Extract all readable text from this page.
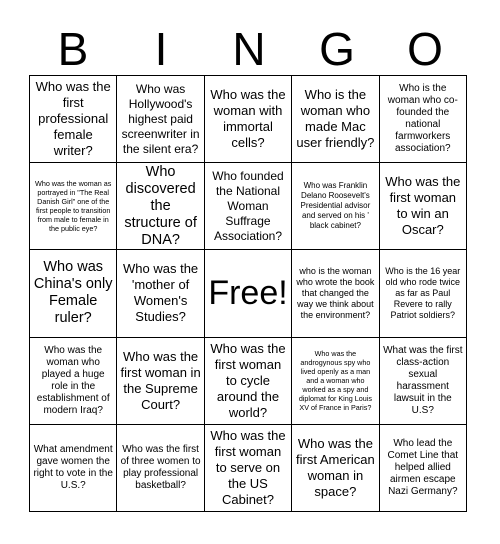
B	I	N	G	O
Who was the first professional female writer?
Who was Hollywood's highest paid screenwriter in the silent era?
Who was the woman with immortal cells?
Who is the woman who made Mac user friendly?
Who is the woman who co-founded the national farmworkers association?
Who was the woman as portrayed in "The Real Danish Girl" one of the first people to transition from male to female in the public eye?
Who discovered the structure of DNA?
Who founded the National Woman Suffrage Association?
Who was Franklin Delano Roosevelt's Presidential advisor and served on his ' black cabinet?
Who was the first woman to win an Oscar?
Who was China's only Female ruler?
Who was the 'mother of Women's Studies?
Free!
who is the woman who wrote the book that changed the way we think about the environment?
Who is the 16 year old who rode twice as far as Paul Revere to rally Patriot soldiers?
Who was the woman who played a huge role in the establishment of modern Iraq?
Who was the first woman in the Supreme Court?
Who was the first woman to cycle around the world?
Who was the androgynous spy who lived openly as a man and a woman who worked as a spy and diplomat for King Louis XV of France in Paris?
What was the first class-action sexual harassment lawsuit in the U.S?
What amendment gave women the right to vote in the U.S.?
Who was the first of three women to play professional basketball?
Who was the first woman to serve on the US Cabinet?
Who was the first American woman in space?
Who lead the Comet Line that helped allied airmen escape Nazi Germany?
